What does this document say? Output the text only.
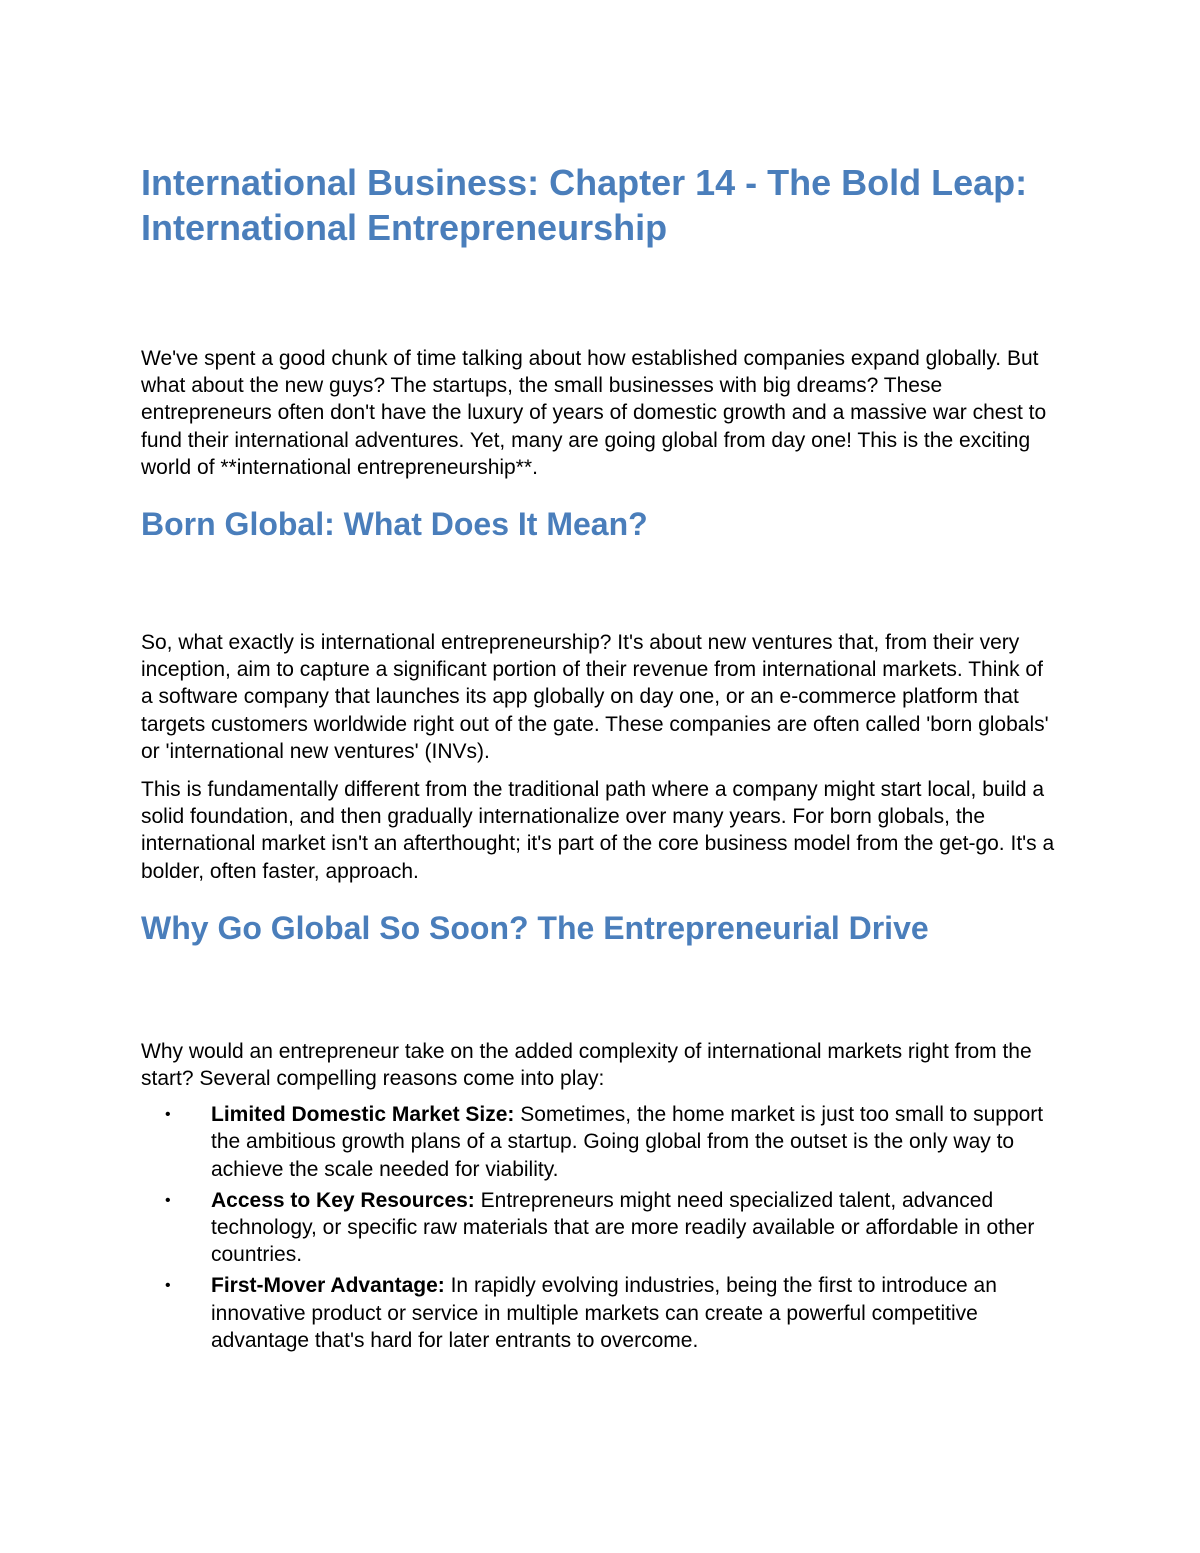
International Business: Chapter 14 - The Bold Leap: International Entrepreneurship

We've spent a good chunk of time talking about how established companies expand globally. But what about the new guys? The startups, the small businesses with big dreams? These entrepreneurs often don't have the luxury of years of domestic growth and a massive war chest to fund their international adventures. Yet, many are going global from day one! This is the exciting world of **international entrepreneurship**.

Born Global: What Does It Mean?

So, what exactly is international entrepreneurship? It's about new ventures that, from their very inception, aim to capture a significant portion of their revenue from international markets. Think of a software company that launches its app globally on day one, or an e-commerce platform that targets customers worldwide right out of the gate. These companies are often called 'born globals' or 'international new ventures' (INVs).

This is fundamentally different from the traditional path where a company might start local, build a solid foundation, and then gradually internationalize over many years. For born globals, the international market isn't an afterthought; it's part of the core business model from the get-go. It's a bolder, often faster, approach.

Why Go Global So Soon? The Entrepreneurial Drive

Why would an entrepreneur take on the added complexity of international markets right from the start? Several compelling reasons come into play:

• Limited Domestic Market Size: Sometimes, the home market is just too small to support the ambitious growth plans of a startup. Going global from the outset is the only way to achieve the scale needed for viability.
• Access to Key Resources: Entrepreneurs might need specialized talent, advanced technology, or specific raw materials that are more readily available or affordable in other countries.
• First-Mover Advantage: In rapidly evolving industries, being the first to introduce an innovative product or service in multiple markets can create a powerful competitive advantage that's hard for later entrants to overcome.
